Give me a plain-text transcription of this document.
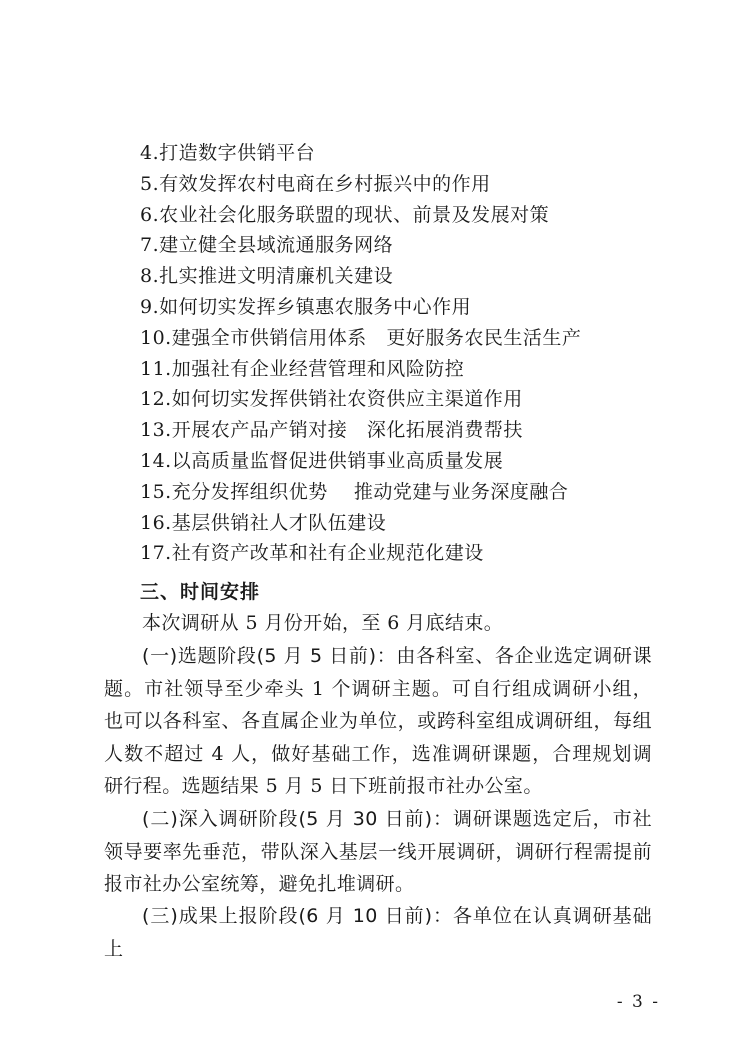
4.打造数字供销平台
5.有效发挥农村电商在乡村振兴中的作用
6.农业社会化服务联盟的现状、前景及发展对策
7.建立健全县域流通服务网络
8.扎实推进文明清廉机关建设
9.如何切实发挥乡镇惠农服务中心作用
10.建强全市供销信用体系   更好服务农民生活生产
11.加强社有企业经营管理和风险防控
12.如何切实发挥供销社农资供应主渠道作用
13.开展农产品产销对接   深化拓展消费帮扶
14.以高质量监督促进供销事业高质量发展
15.充分发挥组织优势    推动党建与业务深度融合
16.基层供销社人才队伍建设
17.社有资产改革和社有企业规范化建设
三、时间安排
本次调研从 5 月份开始，至 6 月底结束。
(一)选题阶段(5 月 5 日前)：由各科室、各企业选定调研课题。市社领导至少牵头 1 个调研主题。可自行组成调研小组，也可以各科室、各直属企业为单位，或跨科室组成调研组，每组人数不超过 4 人，做好基础工作，选准调研课题，合理规划调研行程。选题结果 5 月 5 日下班前报市社办公室。
(二)深入调研阶段(5 月 30 日前)：调研课题选定后，市社领导要率先垂范，带队深入基层一线开展调研，调研行程需提前报市社办公室统筹，避免扎堆调研。
(三)成果上报阶段(6 月 10 日前)：各单位在认真调研基础上
- 3 -
